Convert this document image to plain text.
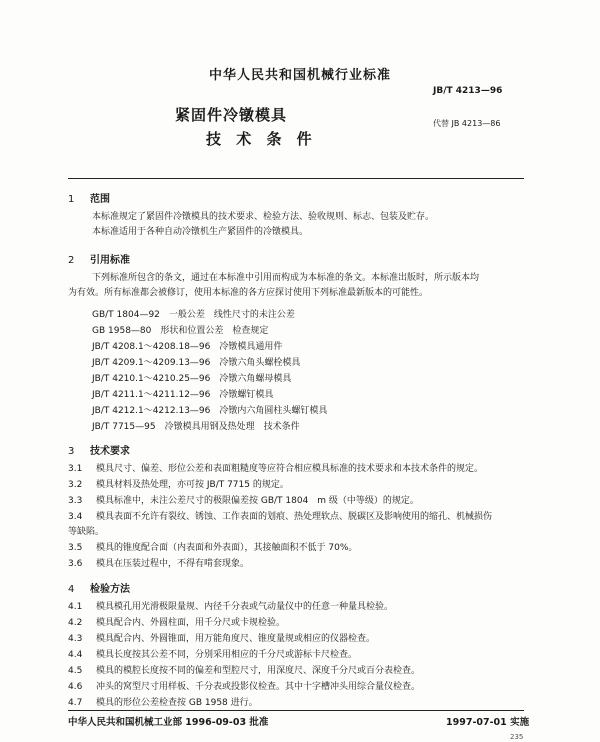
中华人民共和国机械行业标准
JB/T 4213—96
紧固件冷镦模具
技 术 条 件
代替 JB 4213—86
1 范围
本标准规定了紧固件冷镦模具的技术要求、检验方法、验收规则、标志、包装及贮存。
本标准适用于各种自动冷镦机生产紧固件的冷镦模具。
2 引用标准
下列标准所包含的条文，通过在本标准中引用而构成为本标准的条文。本标准出版时，所示版本均
为有效。所有标准都会被修订，使用本标准的各方应探讨使用下列标准最新版本的可能性。
GB/T 1804—92　一般公差　线性尺寸的未注公差
GB 1958—80　形状和位置公差　检查规定
JB/T 4208.1～4208.18—96　冷镦模具通用件
JB/T 4209.1～4209.13—96　冷镦六角头螺栓模具
JB/T 4210.1～4210.25—96　冷镦六角螺母模具
JB/T 4211.1～4211.12—96　冷镦螺钉模具
JB/T 4212.1～4212.13—96　冷镦内六角圆柱头螺钉模具
JB/T 7715—95　冷镦模具用钢及热处理　技术条件
3 技术要求
3.1 模具尺寸、偏差、形位公差和表面粗糙度等应符合相应模具标准的技术要求和本技术条件的规定。
3.2 模具材料及热处理，亦可按 JB/T 7715 的规定。
3.3 模具标准中，未注公差尺寸的极限偏差按 GB/T 1804　m 级（中等级）的规定。
3.4 模具表面不允许有裂纹、锈蚀、工作表面的划痕、热处理软点、脱碳区及影响使用的缩孔、机械损伤
等缺陷。
3.5 模具的锥度配合面（内表面和外表面），其接触面积不低于 70%。
3.6 模具在压装过程中，不得有啃套现象。
4 检验方法
4.1 模具模孔用光滑极限量规、内径千分表或气动量仪中的任意一种量具检验。
4.2 模具配合内、外圆柱面，用千分尺或卡规检验。
4.3 模具配合内、外圆锥面，用万能角度尺、锥度量规或相应的仪器检查。
4.4 模具长度按其公差不同，分别采用相应的千分尺或游标卡尺检查。
4.5 模具的模腔长度按不同的偏差和型腔尺寸，用深度尺、深度千分尺或百分表检查。
4.6 冲头的窝型尺寸用样板、千分表或投影仪检查。其中十字槽冲头用综合量仪检查。
4.7 模具的形位公差检查按 GB 1958 进行。
中华人民共和国机械工业部 1996-09-03 批准	1997-07-01 实施
235
